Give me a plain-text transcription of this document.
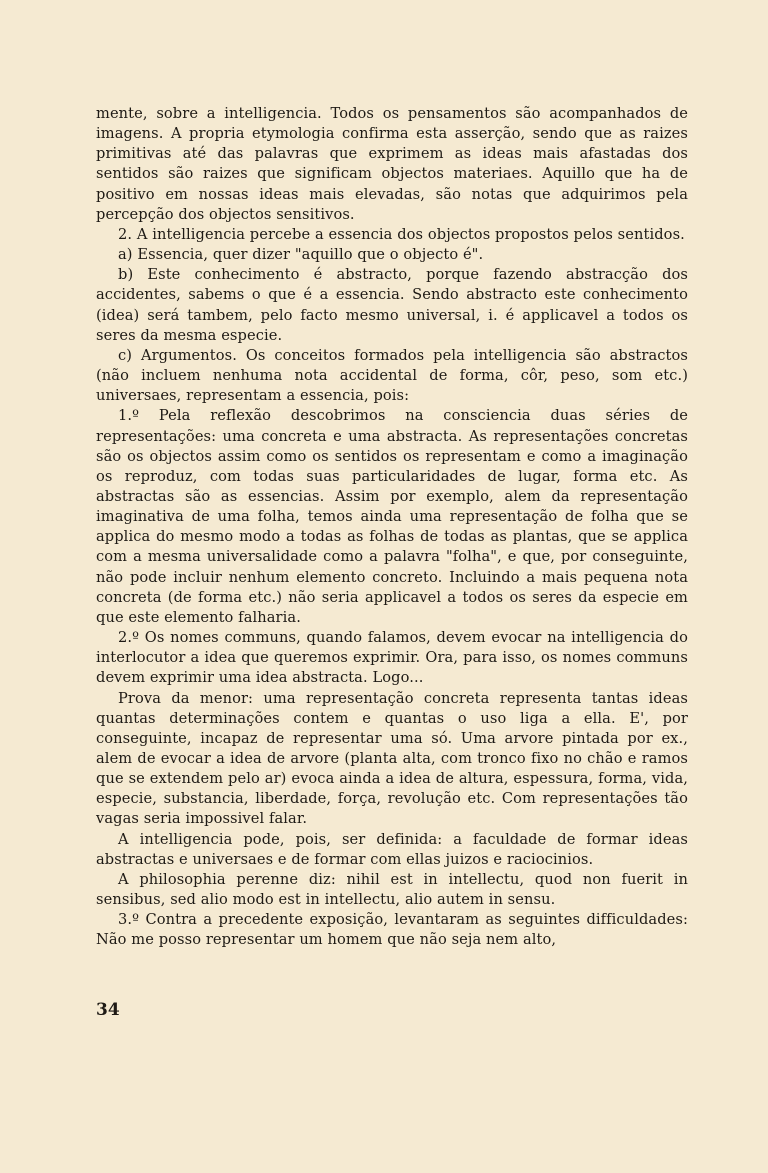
mente, sobre a intelligencia. Todos os pensamentos são acompanhados de imagens. A propria etymologia confirma esta asserção, sendo que as raizes primitivas até das palavras que exprimem as ideas mais afastadas dos sentidos são raizes que significam objectos materiaes. Aquillo que ha de positivo em nossas ideas mais elevadas, são notas que adquirimos pela percepção dos objectos sensitivos.

2. A intelligencia percebe a essencia dos objectos propostos pelos sentidos.

a) Essencia, quer dizer "aquillo que o objecto é".

b) Este conhecimento é abstracto, porque fazendo abstracção dos accidentes, sabems o que é a essencia. Sendo abstracto este conhecimento (idea) será tambem, pelo facto mesmo universal, i. é applicavel a todos os seres da mesma especie.

c) Argumentos. Os conceitos formados pela intelligencia são abstractos (não incluem nenhuma nota accidental de forma, côr, peso, som etc.) universaes, representam a essencia, pois:

1.º Pela reflexão descobrimos na consciencia duas séries de representações: uma concreta e uma abstracta. As representações concretas são os objectos assim como os sentidos os representam e como a imaginação os reproduz, com todas suas particularidades de lugar, forma etc. As abstractas são as essencias. Assim por exemplo, alem da representação imaginativa de uma folha, temos ainda uma representação de folha que se applica do mesmo modo a todas as folhas de todas as plantas, que se applica com a mesma universalidade como a palavra "folha", e que, por conseguinte, não pode incluir nenhum elemento concreto. Incluindo a mais pequena nota concreta (de forma etc.) não seria applicavel a todos os seres da especie em que este elemento falharia.

2.º Os nomes communs, quando falamos, devem evocar na intelligencia do interlocutor a idea que queremos exprimir. Ora, para isso, os nomes communs devem exprimir uma idea abstracta. Logo...

Prova da menor: uma representação concreta representa tantas ideas quantas determinações contem e quantas o uso liga a ella. E', por conseguinte, incapaz de representar uma só. Uma arvore pintada por ex., alem de evocar a idea de arvore (planta alta, com tronco fixo no chão e ramos que se extendem pelo ar) evoca ainda a idea de altura, espessura, forma, vida, especie, substancia, liberdade, força, revolução etc. Com representações tão vagas seria impossivel falar.

A intelligencia pode, pois, ser definida: a faculdade de formar ideas abstractas e universaes e de formar com ellas juizos e raciocinios.

A philosophia perenne diz: nihil est in intellectu, quod non fuerit in sensibus, sed alio modo est in intellectu, alio autem in sensu.

3.º Contra a precedente exposição, levantaram as seguintes difficuldades: Não me posso representar um homem que não seja nem alto,

34
